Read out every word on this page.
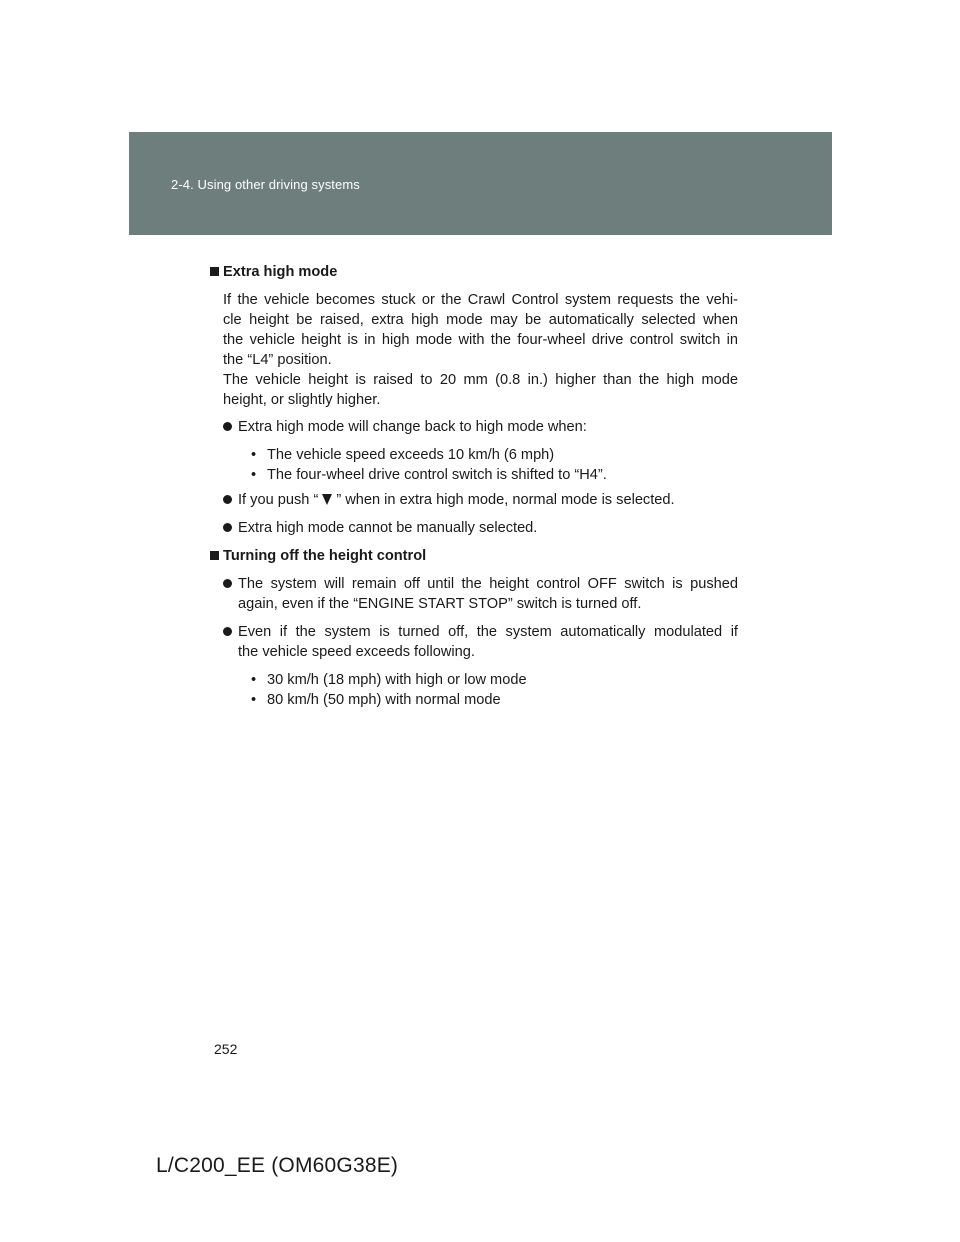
2-4. Using other driving systems
Extra high mode
If the vehicle becomes stuck or the Crawl Control system requests the vehi-
cle height be raised, extra high mode may be automatically selected when
the vehicle height is in high mode with the four-wheel drive control switch in
the “L4” position.
The vehicle height is raised to 20 mm (0.8 in.) higher than the high mode
height, or slightly higher.
Extra high mode will change back to high mode when:
• The vehicle speed exceeds 10 km/h (6 mph)
• The four-wheel drive control switch is shifted to “H4”.
If you push “ ” when in extra high mode, normal mode is selected.
Extra high mode cannot be manually selected.
Turning off the height control
The system will remain off until the height control OFF switch is pushed
again, even if the “ENGINE START STOP” switch is turned off.
Even if the system is turned off, the system automatically modulated if
the vehicle speed exceeds following.
• 30 km/h (18 mph) with high or low mode
• 80 km/h (50 mph) with normal mode
252
L/C200_EE (OM60G38E)
